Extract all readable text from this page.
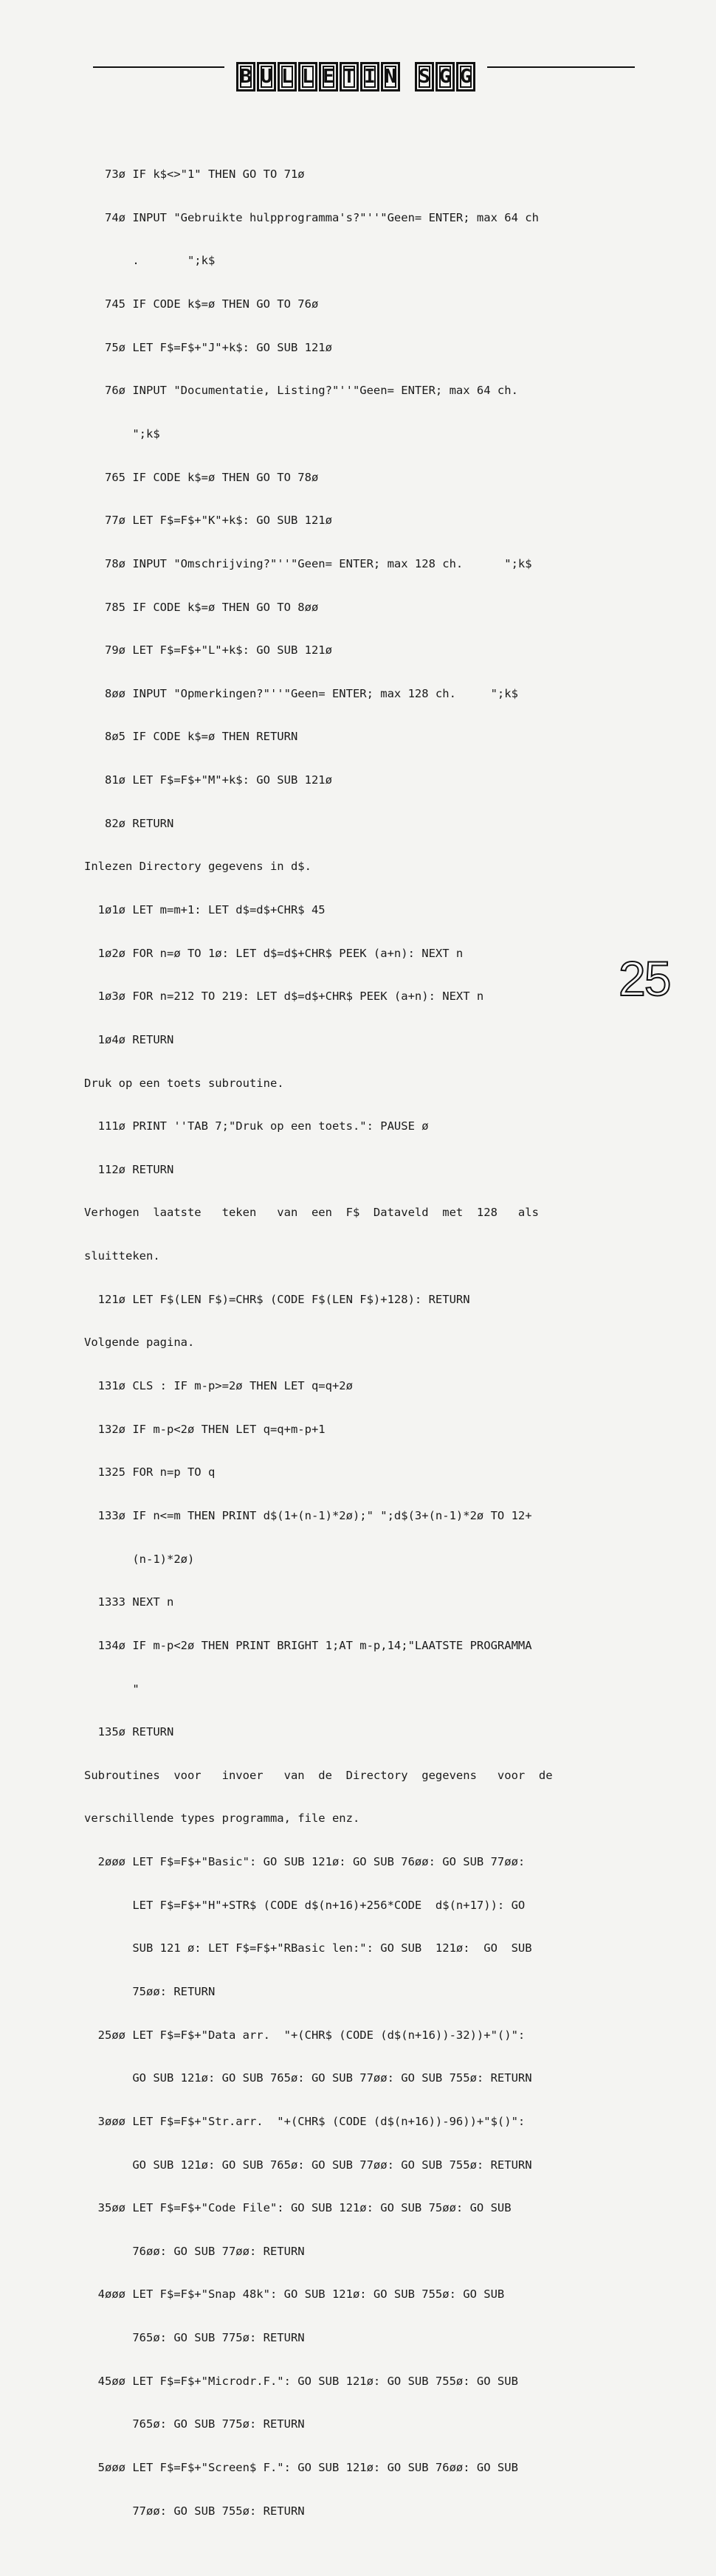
B U L L E T I N S G G

73ø IF k$<>"1" THEN GO TO 71ø

74ø INPUT "Gebruikte hulpprogramma's?"''"Geen= ENTER; max 64 ch

.       ";k$

745 IF CODE k$=ø THEN GO TO 76ø

75ø LET F$=F$+"J"+k$: GO SUB 121ø

76ø INPUT "Documentatie, Listing?"''"Geen= ENTER; max 64 ch.

";k$

765 IF CODE k$=ø THEN GO TO 78ø

77ø LET F$=F$+"K"+k$: GO SUB 121ø

78ø INPUT "Omschrijving?"''"Geen= ENTER; max 128 ch.      ";k$

785 IF CODE k$=ø THEN GO TO 8øø

79ø LET F$=F$+"L"+k$: GO SUB 121ø

8øø INPUT "Opmerkingen?"''"Geen= ENTER; max 128 ch.     ";k$

8ø5 IF CODE k$=ø THEN RETURN

81ø LET F$=F$+"M"+k$: GO SUB 121ø

82ø RETURN

Inlezen Directory gegevens in d$.

1ø1ø LET m=m+1: LET d$=d$+CHR$ 45

1ø2ø FOR n=ø TO 1ø: LET d$=d$+CHR$ PEEK (a+n): NEXT n

1ø3ø FOR n=212 TO 219: LET d$=d$+CHR$ PEEK (a+n): NEXT n

1ø4ø RETURN

Druk op een toets subroutine.

111ø PRINT ''TAB 7;"Druk op een toets.": PAUSE ø

112ø RETURN

Verhogen  laatste   teken   van  een  F$  Dataveld  met  128   als

sluitteken.

121ø LET F$(LEN F$)=CHR$ (CODE F$(LEN F$)+128): RETURN

Volgende pagina.

131ø CLS : IF m-p>=2ø THEN LET q=q+2ø

132ø IF m-p<2ø THEN LET q=q+m-p+1

1325 FOR n=p TO q

133ø IF n<=m THEN PRINT d$(1+(n-1)*2ø);" ";d$(3+(n-1)*2ø TO 12+

(n-1)*2ø)

1333 NEXT n

134ø IF m-p<2ø THEN PRINT BRIGHT 1;AT m-p,14;"LAATSTE PROGRAMMA

"

135ø RETURN

Subroutines  voor   invoer   van  de  Directory  gegevens   voor  de

verschillende types programma, file enz.

2øøø LET F$=F$+"Basic": GO SUB 121ø: GO SUB 76øø: GO SUB 77øø:

LET F$=F$+"H"+STR$ (CODE d$(n+16)+256*CODE  d$(n+17)): GO

SUB 121 ø: LET F$=F$+"RBasic len:": GO SUB  121ø:  GO  SUB

75øø: RETURN

25øø LET F$=F$+"Data arr.  "+(CHR$ (CODE (d$(n+16))-32))+"()":

GO SUB 121ø: GO SUB 765ø: GO SUB 77øø: GO SUB 755ø: RETURN

3øøø LET F$=F$+"Str.arr.  "+(CHR$ (CODE (d$(n+16))-96))+"$()":

GO SUB 121ø: GO SUB 765ø: GO SUB 77øø: GO SUB 755ø: RETURN

35øø LET F$=F$+"Code File": GO SUB 121ø: GO SUB 75øø: GO SUB

76øø: GO SUB 77øø: RETURN

4øøø LET F$=F$+"Snap 48k": GO SUB 121ø: GO SUB 755ø: GO SUB

765ø: GO SUB 775ø: RETURN

45øø LET F$=F$+"Microdr.F.": GO SUB 121ø: GO SUB 755ø: GO SUB

765ø: GO SUB 775ø: RETURN

5øøø LET F$=F$+"Screen$ F.": GO SUB 121ø: GO SUB 76øø: GO SUB

77øø: GO SUB 755ø: RETURN

25
